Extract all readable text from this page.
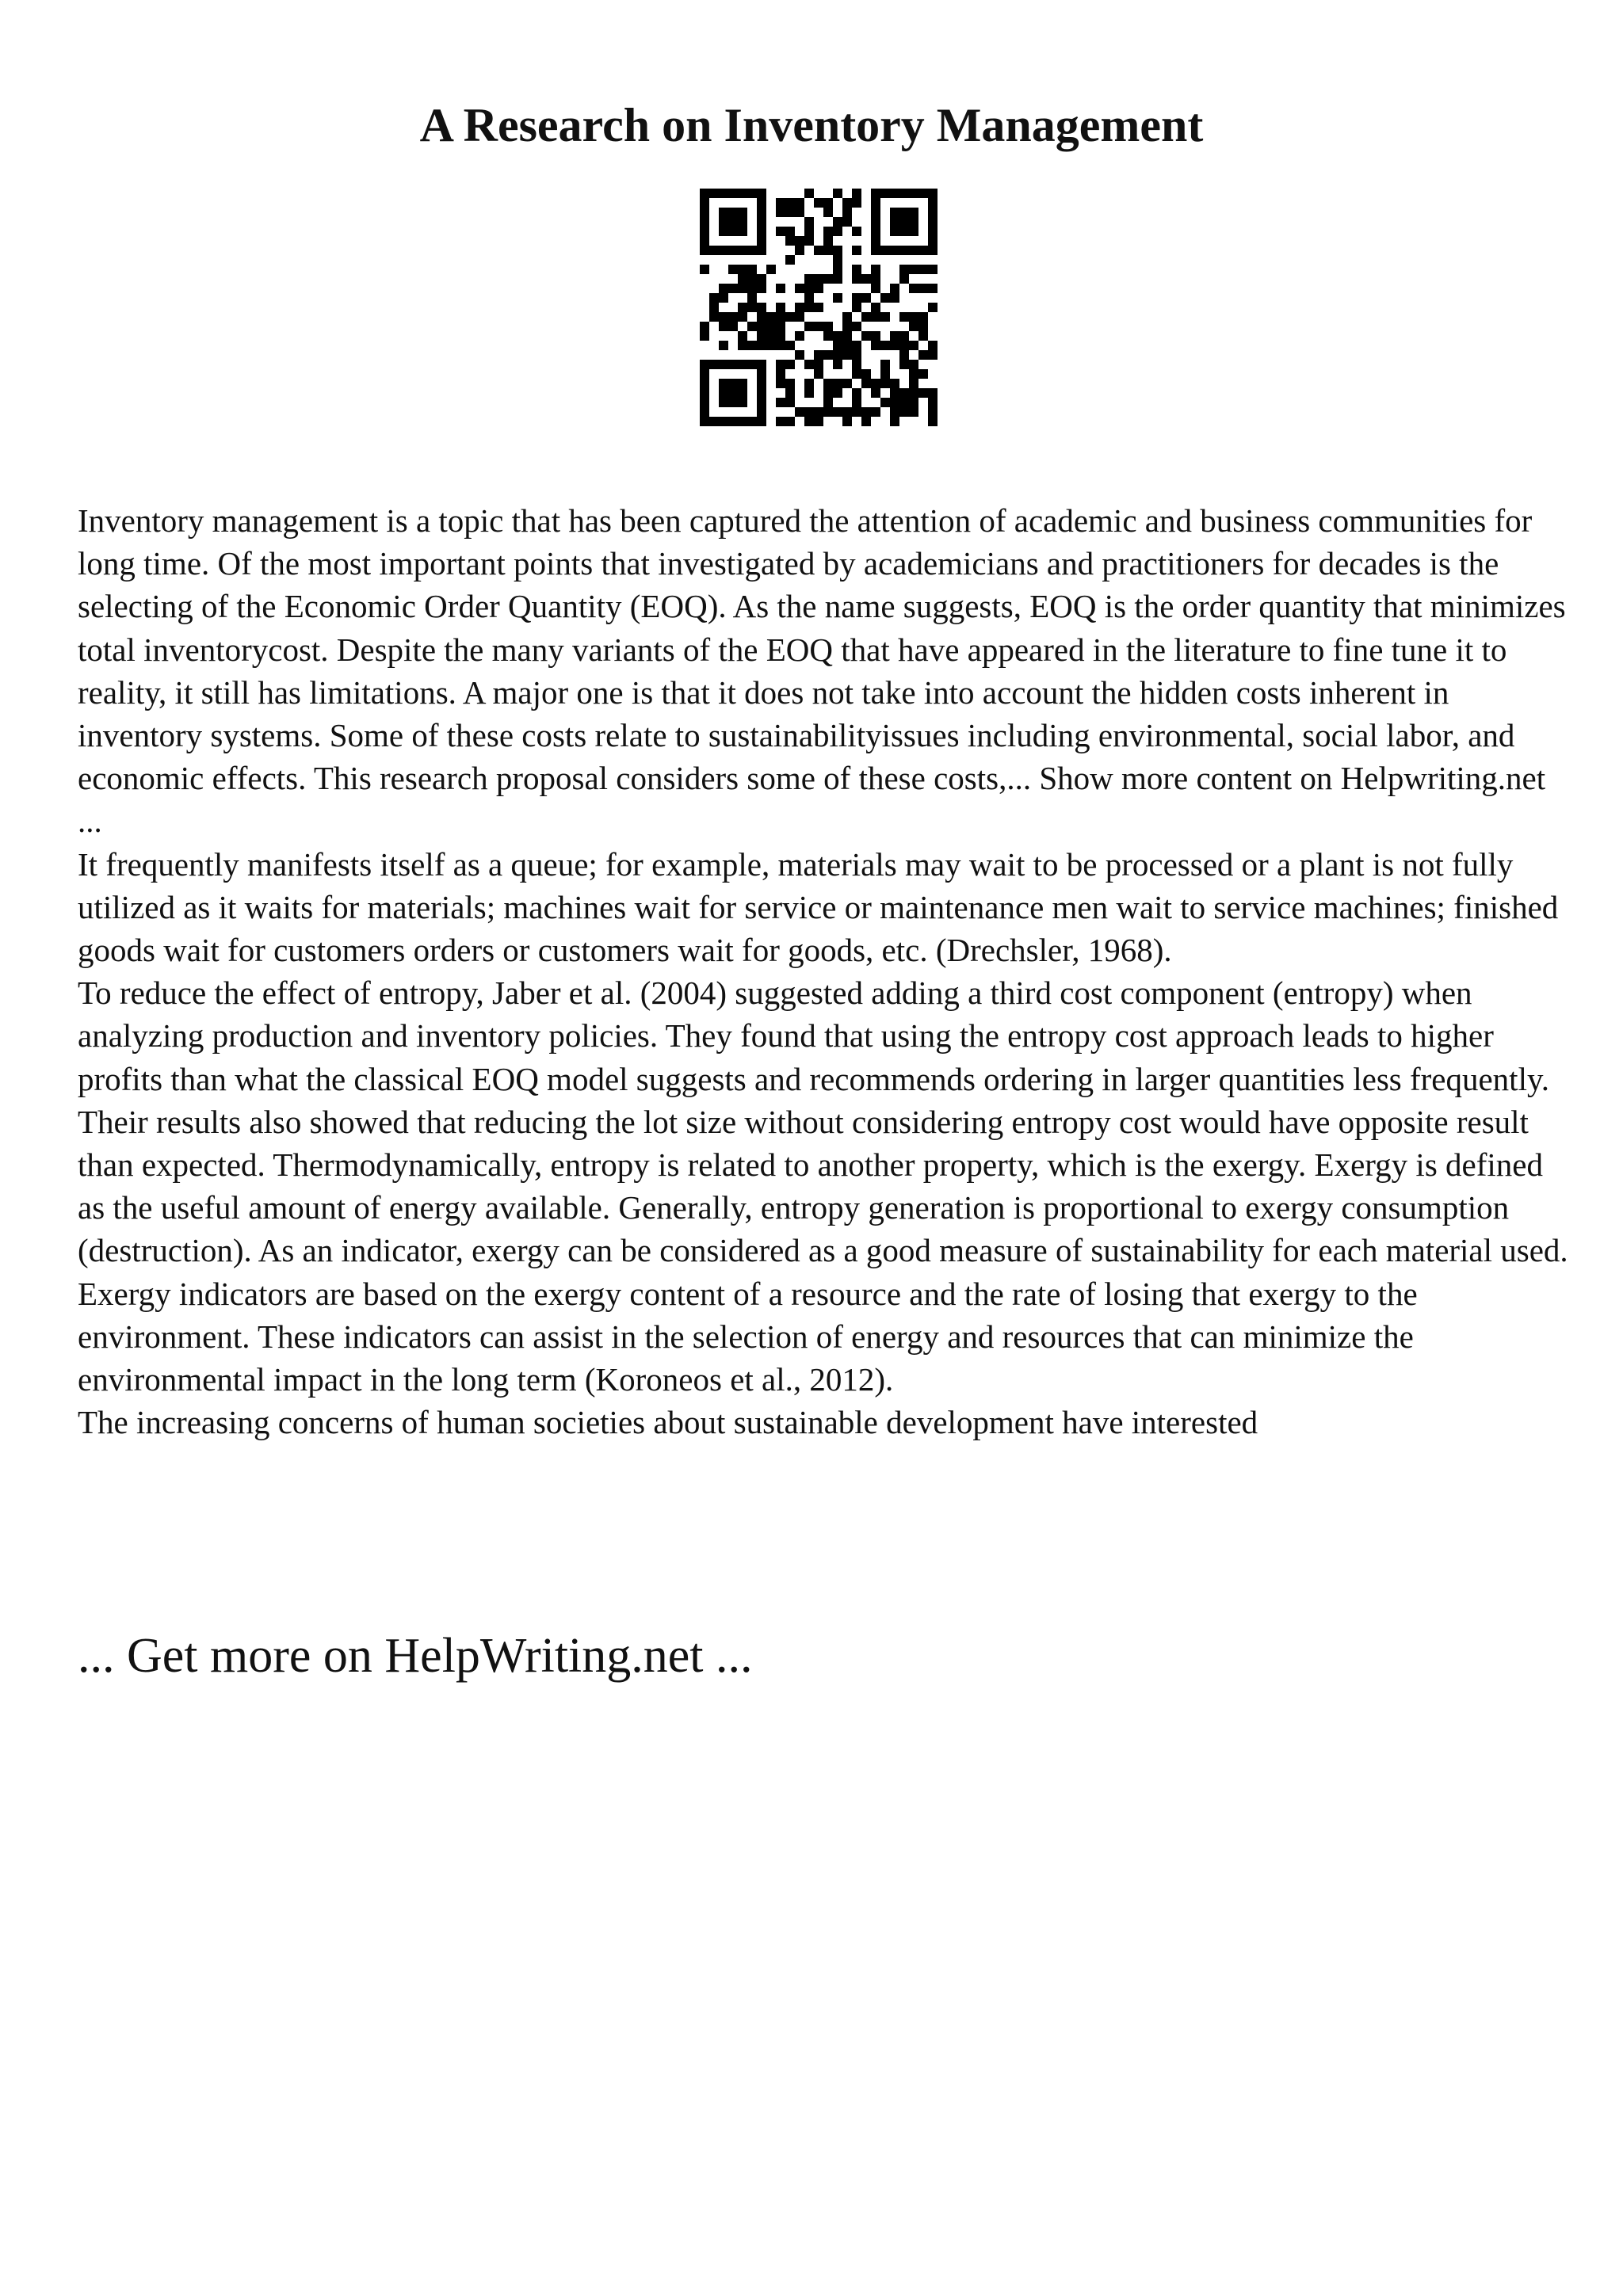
A Research on Inventory Management

Inventory management is a topic that has been captured the attention of academic and business communities for long time. Of the most important points that investigated by academicians and practitioners for decades is the selecting of the Economic Order Quantity (EOQ). As the name suggests, EOQ is the order quantity that minimizes total inventorycost. Despite the many variants of the EOQ that have appeared in the literature to fine tune it to reality, it still has limitations. A major one is that it does not take into account the hidden costs inherent in inventory systems. Some of these costs relate to sustainabilityissues including environmental, social labor, and economic effects. This research proposal considers some of these costs,... Show more content on Helpwriting.net ...

It frequently manifests itself as a queue; for example, materials may wait to be processed or a plant is not fully utilized as it waits for materials; machines wait for service or maintenance men wait to service machines; finished goods wait for customers orders or customers wait for goods, etc. (Drechsler, 1968).

To reduce the effect of entropy, Jaber et al. (2004) suggested adding a third cost component (entropy) when analyzing production and inventory policies. They found that using the entropy cost approach leads to higher profits than what the classical EOQ model suggests and recommends ordering in larger quantities less frequently. Their results also showed that reducing the lot size without considering entropy cost would have opposite result than expected. Thermodynamically, entropy is related to another property, which is the exergy. Exergy is defined as the useful amount of energy available. Generally, entropy generation is proportional to exergy consumption (destruction). As an indicator, exergy can be considered as a good measure of sustainability for each material used. Exergy indicators are based on the exergy content of a resource and the rate of losing that exergy to the environment. These indicators can assist in the selection of energy and resources that can minimize the environmental impact in the long term (Koroneos et al., 2012).

The increasing concerns of human societies about sustainable development have interested

... Get more on HelpWriting.net ...
